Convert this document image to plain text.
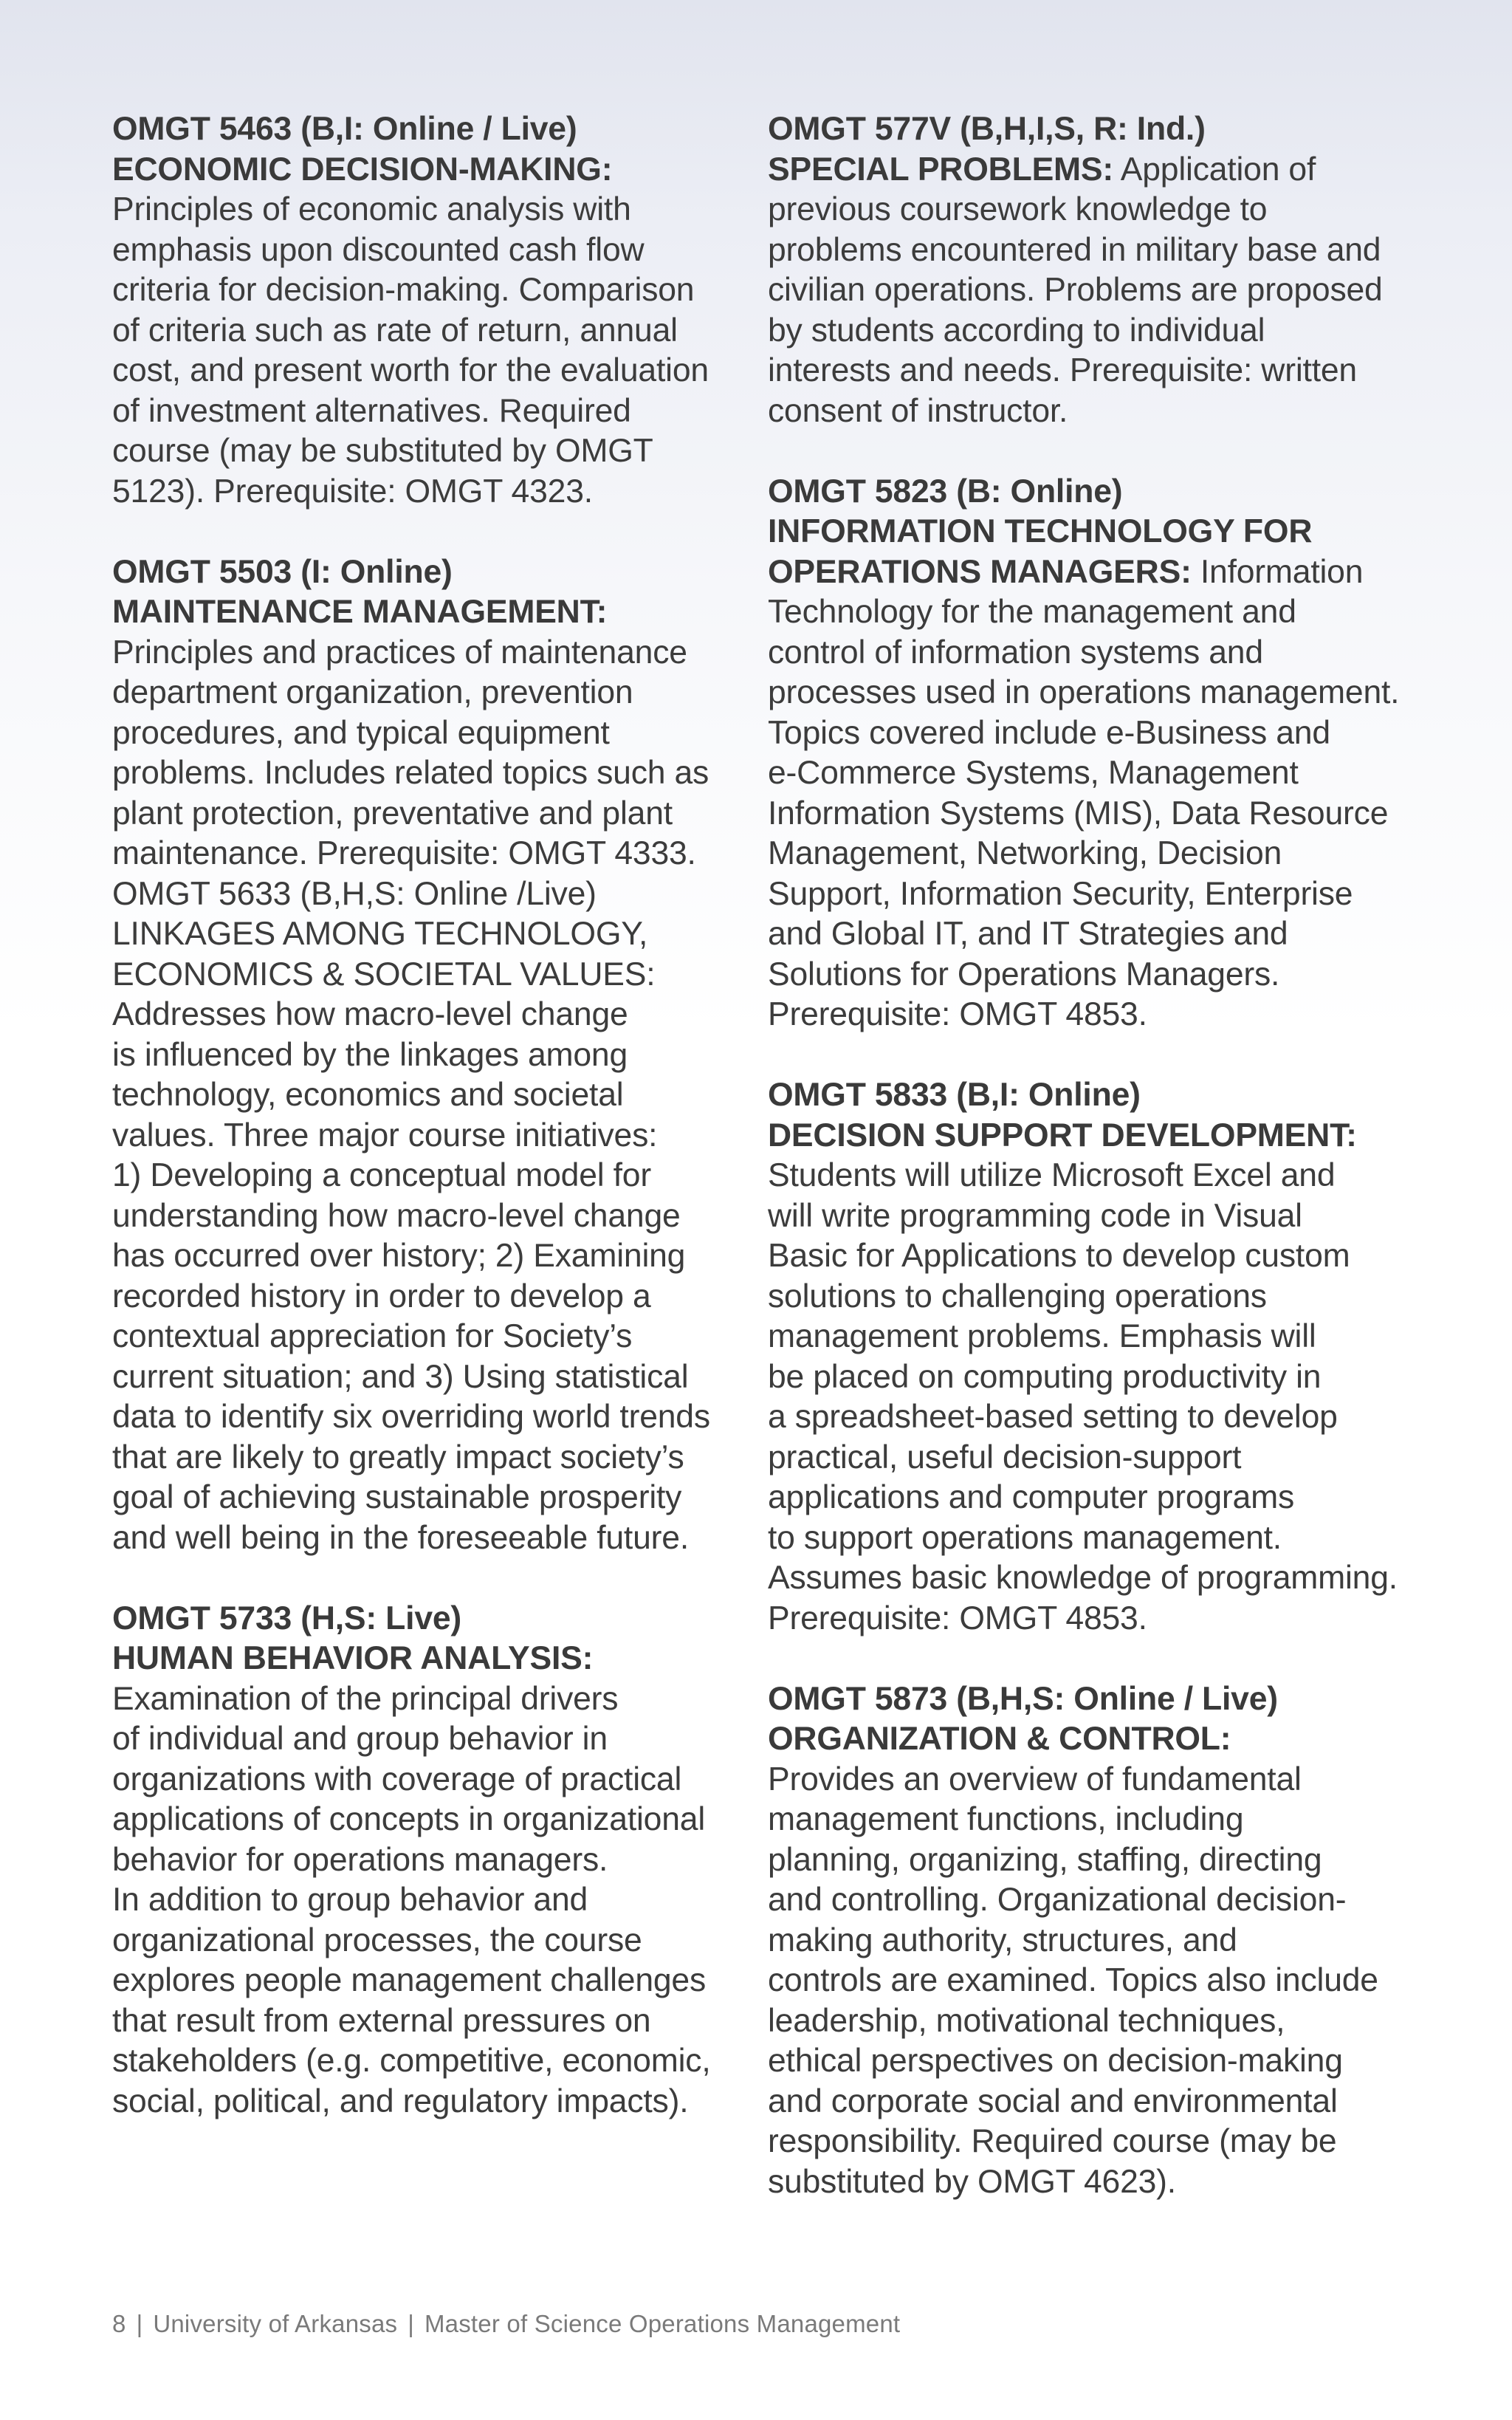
OMGT 5463 (B,I: Online / Live)
ECONOMIC DECISION-MAKING:
Principles of economic analysis with
emphasis upon discounted cash flow
criteria for decision-making. Comparison
of criteria such as rate of return, annual
cost, and present worth for the evaluation
of investment alternatives. Required
course (may be substituted by OMGT
5123). Prerequisite: OMGT 4323.
OMGT 5503 (I: Online)
MAINTENANCE MANAGEMENT:
Principles and practices of maintenance
department organization, prevention
procedures, and typical equipment
problems. Includes related topics such as
plant protection, preventative and plant
maintenance. Prerequisite: OMGT 4333.
OMGT 5633 (B,H,S: Online /Live)
LINKAGES AMONG TECHNOLOGY,
ECONOMICS & SOCIETAL VALUES:
Addresses how macro-level change
is influenced by the linkages among
technology, economics and societal
values. Three major course initiatives:
1) Developing a conceptual model for
understanding how macro-level change
has occurred over history; 2) Examining
recorded history in order to develop a
contextual appreciation for Society’s
current situation; and 3) Using statistical
data to identify six overriding world trends
that are likely to greatly impact society’s
goal of achieving sustainable prosperity
and well being in the foreseeable future.
OMGT 5733 (H,S: Live)
HUMAN BEHAVIOR ANALYSIS:
Examination of the principal drivers
of individual and group behavior in
organizations with coverage of practical
applications of concepts in organizational
behavior for operations managers.
In addition to group behavior and
organizational processes, the course
explores people management challenges
that result from external pressures on
stakeholders (e.g. competitive, economic,
social, political, and regulatory impacts).
OMGT 577V (B,H,I,S, R: Ind.)
SPECIAL PROBLEMS: Application of
previous coursework knowledge to
problems encountered in military base and
civilian operations. Problems are proposed
by students according to individual
interests and needs. Prerequisite: written
consent of instructor.
OMGT 5823 (B: Online)
INFORMATION TECHNOLOGY FOR
OPERATIONS MANAGERS: Information
Technology for the management and
control of information systems and
processes used in operations management.
Topics covered include e-Business and
e-Commerce Systems, Management
Information Systems (MIS), Data Resource
Management, Networking, Decision
Support, Information Security, Enterprise
and Global IT, and IT Strategies and
Solutions for Operations Managers.
Prerequisite: OMGT 4853.
OMGT 5833 (B,I: Online)
DECISION SUPPORT DEVELOPMENT:
Students will utilize Microsoft Excel and
will write programming code in Visual
Basic for Applications to develop custom
solutions to challenging operations
management problems. Emphasis will
be placed on computing productivity in
a spreadsheet-based setting to develop
practical, useful decision-support
applications and computer programs
to support operations management.
Assumes basic knowledge of programming.
Prerequisite: OMGT 4853.
OMGT 5873 (B,H,S: Online / Live)
ORGANIZATION & CONTROL:
Provides an overview of fundamental
management functions, including
planning, organizing, staffing, directing
and controlling. Organizational decision-
making authority, structures, and
controls are examined. Topics also include
leadership, motivational techniques,
ethical perspectives on decision-making
and corporate social and environmental
responsibility. Required course (may be
substituted by OMGT 4623).
8 | University of Arkansas | Master of Science Operations Management
